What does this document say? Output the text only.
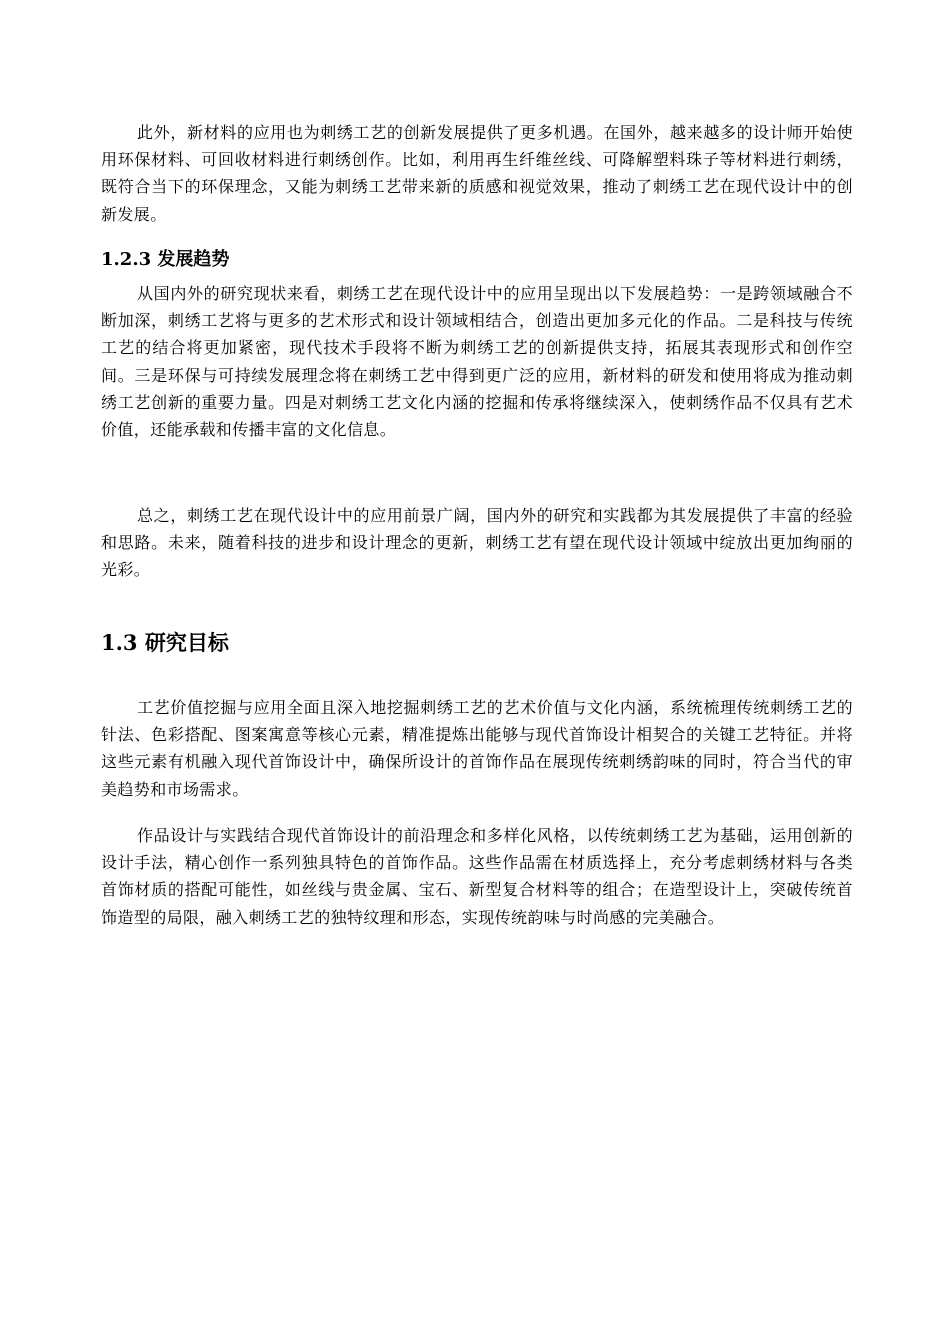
此外，新材料的应用也为刺绣工艺的创新发展提供了更多机遇。在国外，越来越多的设计师开始使用环保材料、可回收材料进行刺绣创作。比如，利用再生纤维丝线、可降解塑料珠子等材料进行刺绣，既符合当下的环保理念，又能为刺绣工艺带来新的质感和视觉效果，推动了刺绣工艺在现代设计中的创新发展。

1.2.3 发展趋势

从国内外的研究现状来看，刺绣工艺在现代设计中的应用呈现出以下发展趋势：一是跨领域融合不断加深，刺绣工艺将与更多的艺术形式和设计领域相结合，创造出更加多元化的作品。二是科技与传统工艺的结合将更加紧密，现代技术手段将不断为刺绣工艺的创新提供支持，拓展其表现形式和创作空间。三是环保与可持续发展理念将在刺绣工艺中得到更广泛的应用，新材料的研发和使用将成为推动刺绣工艺创新的重要力量。四是对刺绣工艺文化内涵的挖掘和传承将继续深入，使刺绣作品不仅具有艺术价值，还能承载和传播丰富的文化信息。

总之，刺绣工艺在现代设计中的应用前景广阔，国内外的研究和实践都为其发展提供了丰富的经验和思路。未来，随着科技的进步和设计理念的更新，刺绣工艺有望在现代设计领域中绽放出更加绚丽的光彩。

1.3 研究目标

工艺价值挖掘与应用全面且深入地挖掘刺绣工艺的艺术价值与文化内涵，系统梳理传统刺绣工艺的针法、色彩搭配、图案寓意等核心元素，精准提炼出能够与现代首饰设计相契合的关键工艺特征。并将这些元素有机融入现代首饰设计中，确保所设计的首饰作品在展现传统刺绣韵味的同时，符合当代的审美趋势和市场需求。

作品设计与实践结合现代首饰设计的前沿理念和多样化风格，以传统刺绣工艺为基础，运用创新的设计手法，精心创作一系列独具特色的首饰作品。这些作品需在材质选择上，充分考虑刺绣材料与各类首饰材质的搭配可能性，如丝线与贵金属、宝石、新型复合材料等的组合；在造型设计上，突破传统首饰造型的局限，融入刺绣工艺的独特纹理和形态，实现传统韵味与时尚感的完美融合。
